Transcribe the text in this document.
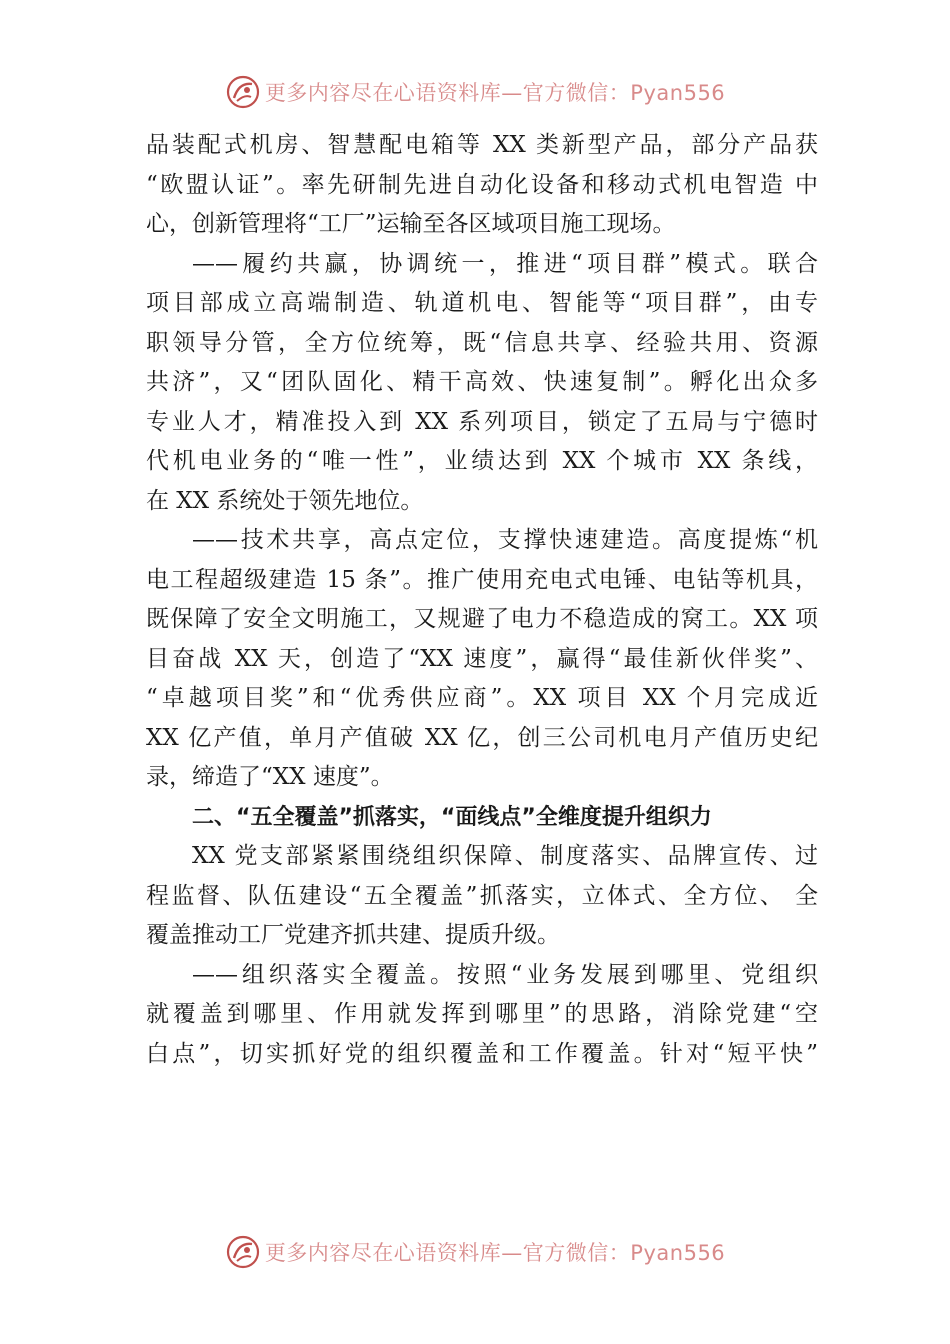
更多内容尽在心语资料库—官方微信：Pyan556
品装配式机房、智慧配电箱等 XX 类新型产品，部分产品获
“欧盟认证”。率先研制先进自动化设备和移动式机电智造 中
心，创新管理将“工厂”运输至各区域项目施工现场。
——履约共赢，协调统一，推进“项目群”模式。联合
项目部成立高端制造、轨道机电、智能等“项目群”，由专
职领导分管，全方位统筹，既“信息共享、经验共用、资源
共济”，又“团队固化、精干高效、快速复制”。孵化出众多
专业人才，精准投入到 XX 系列项目，锁定了五局与宁德时
代机电业务的“唯一性”，业绩达到 XX 个城市 XX 条线，
在 XX 系统处于领先地位。
——技术共享，高点定位，支撑快速建造。高度提炼“机
电工程超级建造 15 条”。推广使用充电式电锤、电钻等机具，
既保障了安全文明施工，又规避了电力不稳造成的窝工。XX 项
目奋战 XX 天，创造了“XX 速度”，赢得“最佳新伙伴奖”、
“卓越项目奖”和“优秀供应商”。XX 项目 XX 个月完成近
XX 亿产值，单月产值破 XX 亿，创三公司机电月产值历史纪
录，缔造了“XX 速度”。
二、“五全覆盖”抓落实，“面线点”全维度提升组织力
XX 党支部紧紧围绕组织保障、制度落实、品牌宣传、过
程监督、队伍建设“五全覆盖”抓落实，立体式、全方位、 全
覆盖推动工厂党建齐抓共建、提质升级。
——组织落实全覆盖。按照“业务发展到哪里、党组织
就覆盖到哪里、作用就发挥到哪里”的思路，消除党建“空
白点”，切实抓好党的组织覆盖和工作覆盖。针对“短平快”
更多内容尽在心语资料库—官方微信：Pyan556
